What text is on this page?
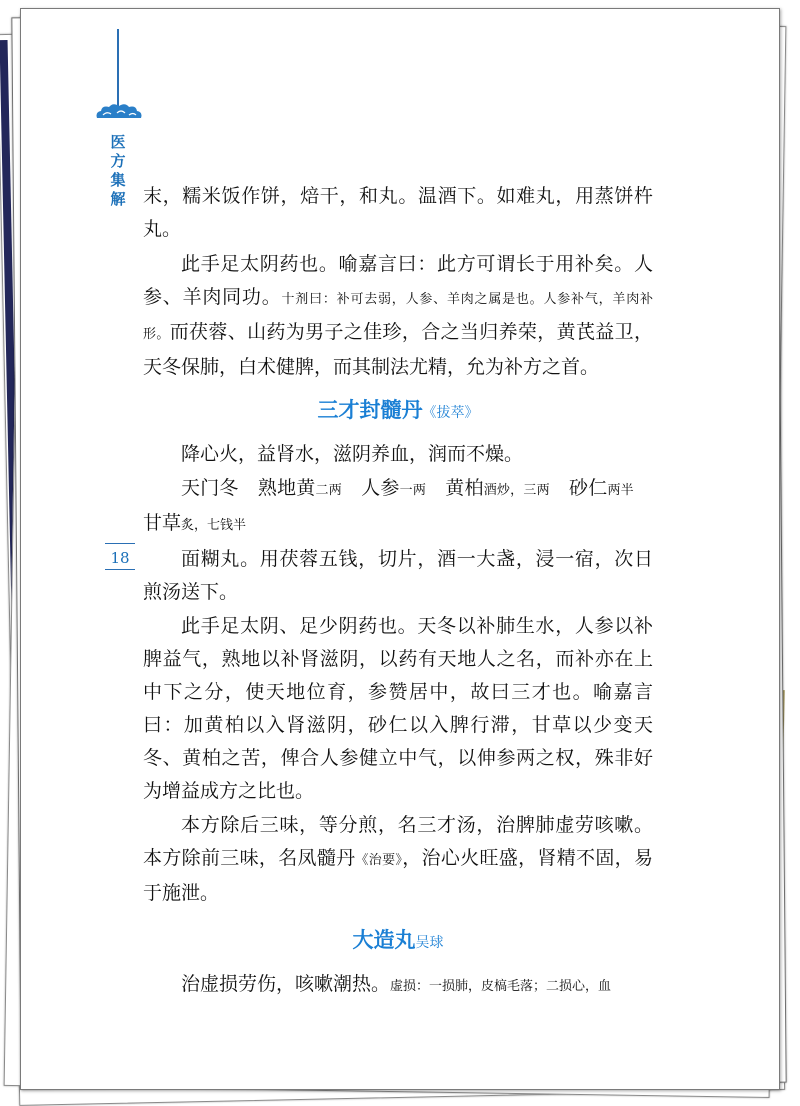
医方集解
18

末，糯米饭作饼，焙干，和丸。温酒下。如难丸，用蒸饼杵丸。

此手足太阴药也。喻嘉言曰：此方可谓长于用补矣。人参、羊肉同功。十剂曰：补可去弱，人参、羊肉之属是也。人参补气，羊肉补形。而茯蓉、山药为男子之佳珍，合之当归养荣，黄芪益卫，天冬保肺，白术健脾，而其制法尤精，允为补方之首。

三才封髓丹《拔萃》

降心火，益肾水，滋阴养血，润而不燥。

天门冬　熟地黄二两　人参一两　黄柏酒炒，三两　砂仁两半　甘草炙，七钱半

面糊丸。用茯蓉五钱，切片，酒一大盏，浸一宿，次日煎汤送下。

此手足太阴、足少阴药也。天冬以补肺生水，人参以补脾益气，熟地以补肾滋阴，以药有天地人之名，而补亦在上中下之分，使天地位育，参赞居中，故曰三才也。喻嘉言曰：加黄柏以入肾滋阴，砂仁以入脾行滞，甘草以少变天冬、黄柏之苦，俾合人参健立中气，以伸参两之权，殊非好为增益成方之比也。

本方除后三味，等分煎，名三才汤，治脾肺虚劳咳嗽。本方除前三味，名凤髓丹《治要》，治心火旺盛，肾精不固，易于施泄。

大造丸吴球

治虚损劳伤，咳嗽潮热。虚损：一损肺，皮槁毛落；二损心，血
